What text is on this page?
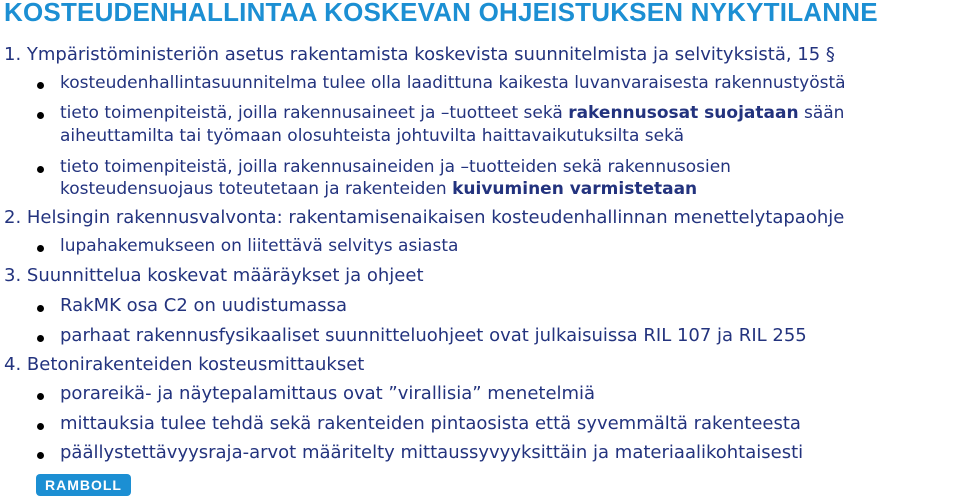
KOSTEUDENHALLINTAA KOSKEVAN OHJEISTUKSEN NYKYTILANNE
1. Ympäristöministeriön asetus rakentamista koskevista suunnitelmista ja selvityksistä, 15 §
kosteudenhallintasuunnitelma tulee olla laadittuna kaikesta luvanvaraisesta rakennustyöstä
tieto toimenpiteistä, joilla rakennusaineet ja –tuotteet sekä rakennusosat suojataan sään
aiheuttamilta tai työmaan olosuhteista johtuvilta haittavaikutuksilta sekä
tieto toimenpiteistä, joilla rakennusaineiden ja –tuotteiden sekä rakennusosien
kosteudensuojaus toteutetaan ja rakenteiden kuivuminen varmistetaan
2. Helsingin rakennusvalvonta: rakentamisenaikaisen kosteudenhallinnan menettelytapaohje
lupahakemukseen on liitettävä selvitys asiasta
3. Suunnittelua koskevat määräykset ja ohjeet
RakMK osa C2 on uudistumassa
parhaat rakennusfysikaaliset suunnitteluohjeet ovat julkaisuissa RIL 107 ja RIL 255
4. Betonirakenteiden kosteusmittaukset
porareikä- ja näytepalamittaus ovat ”virallisia” menetelmiä
mittauksia tulee tehdä sekä rakenteiden pintaosista että syvemmältä rakenteesta
päällystettävyysraja-arvot määritelty mittaussyvyyksittäin ja materiaalikohtaisesti
RAMBOLL
